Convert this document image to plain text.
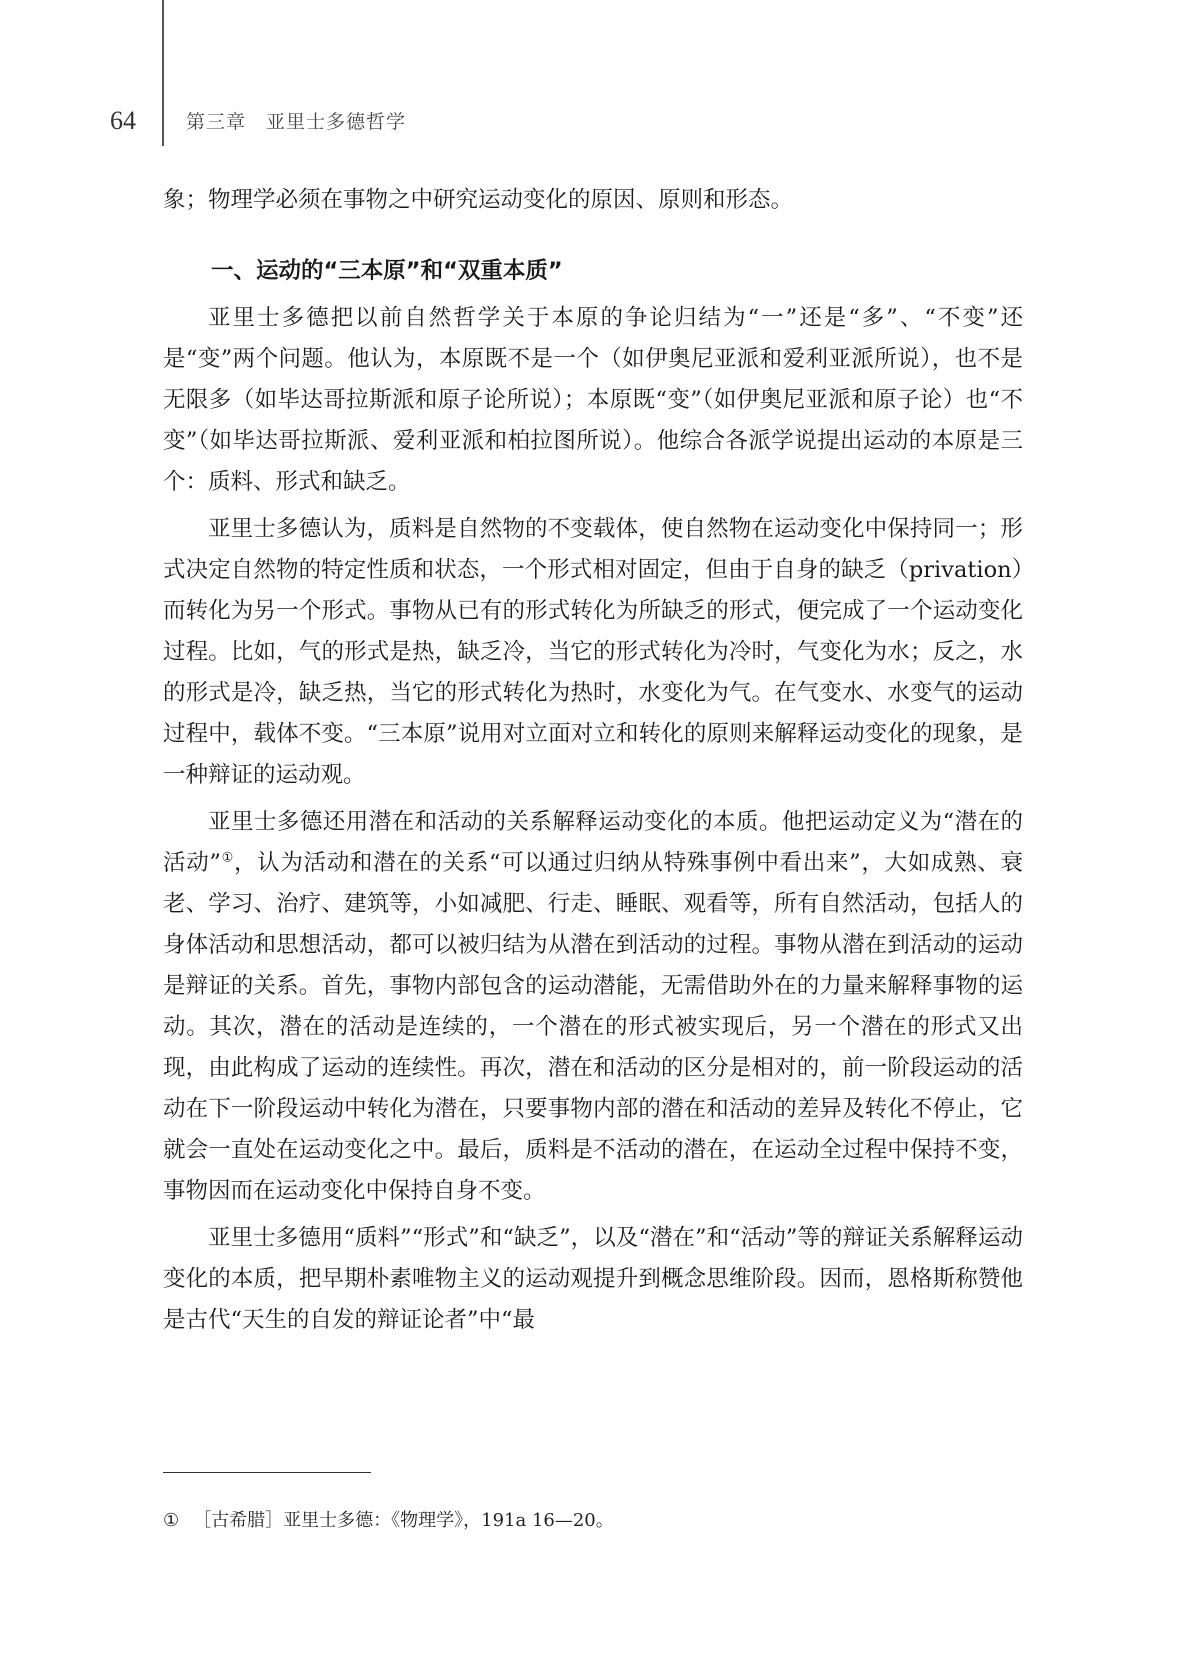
64	第三章　亚里士多德哲学

象；物理学必须在事物之中研究运动变化的原因、原则和形态。

一、运动的“三本原”和“双重本质”

亚里士多德把以前自然哲学关于本原的争论归结为“一”还是“多”、“不变”还是“变”两个问题。他认为，本原既不是一个（如伊奥尼亚派和爱利亚派所说），也不是无限多（如毕达哥拉斯派和原子论所说）；本原既“变”（如伊奥尼亚派和原子论）也“不变”（如毕达哥拉斯派、爱利亚派和柏拉图所说）。他综合各派学说提出运动的本原是三个：质料、形式和缺乏。

亚里士多德认为，质料是自然物的不变载体，使自然物在运动变化中保持同一；形式决定自然物的特定性质和状态，一个形式相对固定，但由于自身的缺乏（privation）而转化为另一个形式。事物从已有的形式转化为所缺乏的形式，便完成了一个运动变化过程。比如，气的形式是热，缺乏冷，当它的形式转化为冷时，气变化为水；反之，水的形式是冷，缺乏热，当它的形式转化为热时，水变化为气。在气变水、水变气的运动过程中，载体不变。“三本原”说用对立面对立和转化的原则来解释运动变化的现象，是一种辩证的运动观。

亚里士多德还用潜在和活动的关系解释运动变化的本质。他把运动定义为“潜在的活动”①，认为活动和潜在的关系“可以通过归纳从特殊事例中看出来”，大如成熟、衰老、学习、治疗、建筑等，小如减肥、行走、睡眠、观看等，所有自然活动，包括人的身体活动和思想活动，都可以被归结为从潜在到活动的过程。事物从潜在到活动的运动是辩证的关系。首先，事物内部包含的运动潜能，无需借助外在的力量来解释事物的运动。其次，潜在的活动是连续的，一个潜在的形式被实现后，另一个潜在的形式又出现，由此构成了运动的连续性。再次，潜在和活动的区分是相对的，前一阶段运动的活动在下一阶段运动中转化为潜在，只要事物内部的潜在和活动的差异及转化不停止，它就会一直处在运动变化之中。最后，质料是不活动的潜在，在运动全过程中保持不变，事物因而在运动变化中保持自身不变。

亚里士多德用“质料”“形式”和“缺乏”，以及“潜在”和“活动”等的辩证关系解释运动变化的本质，把早期朴素唯物主义的运动观提升到概念思维阶段。因而，恩格斯称赞他是古代“天生的自发的辩证论者”中“最

① ［古希腊］亚里士多德：《物理学》，191a 16—20。
